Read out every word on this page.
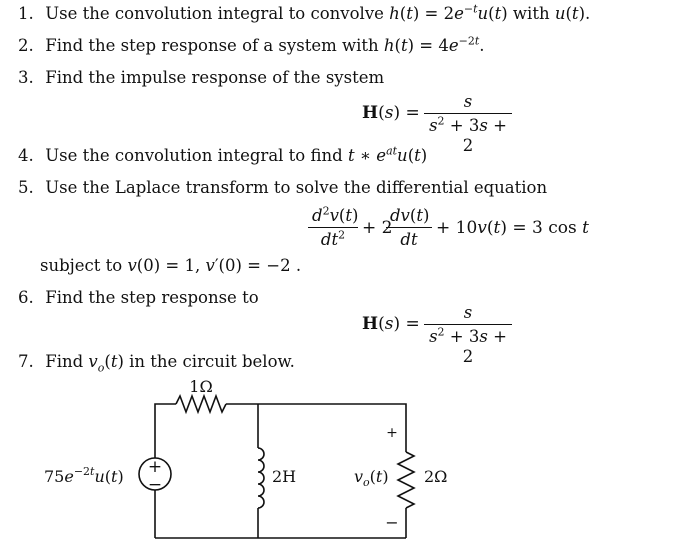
1. Use the convolution integral to convolve $h(t) = 2e^{-t}u(t)$ with u(t).
2. Find the step response of a system with $h(t) = 4e^{-2t}$.
3. Find the impulse response of the system
$H(s) = \frac{s}{s^2 + 3s + 2}$
4. Use the convolution integral to find t ∗ $e^{at}u(t)$
5. Use the Laplace transform to solve the differential equation
$\frac{d^2v(t)}{dt^2} + 2$
$\frac{dv(t)}{dt} + 10v(t) = 3$ cos t
subject to v(0) = 1, v′(0) = −2 .
6. Find the step response to
$H(s) = \frac{s}{s^2 + 3s + 2}$
7. Find $v_o(t)$ in the circuit below.
+
−
1Ω
$75e^{-2t}u(t)$	2H
+
$v_o(t)$
−
2Ω
